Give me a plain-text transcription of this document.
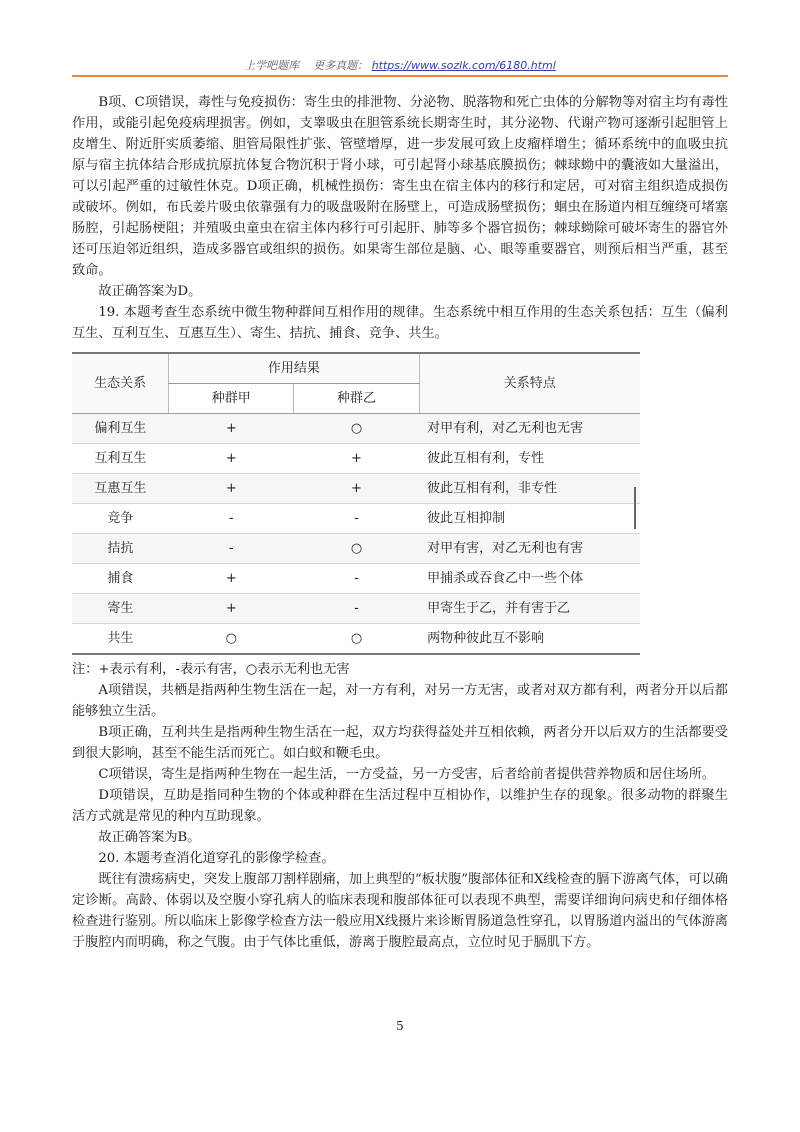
上学吧题库 更多真题： https://www.sozlk.com/6180.html

B项、C项错误，毒性与免疫损伤：寄生虫的排泄物、分泌物、脱落物和死亡虫体的分解物等对宿主均有毒性作用，或能引起免疫病理损害。例如，支睾吸虫在胆管系统长期寄生时，其分泌物、代谢产物可逐渐引起胆管上皮增生、附近肝实质萎缩、胆管局限性扩张、管壁增厚，进一步发展可致上皮瘤样增生；循环系统中的血吸虫抗原与宿主抗体结合形成抗原抗体复合物沉积于肾小球，可引起肾小球基底膜损伤；棘球蚴中的囊液如大量溢出，可以引起严重的过敏性休克。D项正确，机械性损伤：寄生虫在宿主体内的移行和定居，可对宿主组织造成损伤或破坏。例如，布氏姜片吸虫依靠强有力的吸盘吸附在肠壁上，可造成肠壁损伤；蛔虫在肠道内相互缠绕可堵塞肠腔，引起肠梗阻；并殖吸虫童虫在宿主体内移行可引起肝、肺等多个器官损伤；棘球蚴除可破坏寄生的器官外还可压迫邻近组织，造成多器官或组织的损伤。如果寄生部位是脑、心、眼等重要器官，则预后相当严重，甚至致命。

故正确答案为D。

19. 本题考查生态系统中微生物种群间互相作用的规律。生态系统中相互作用的生态关系包括：互生（偏利互生、互利互生、互惠互生）、寄生、拮抗、捕食、竞争、共生。

生态关系	作用结果		关系特点
	种群甲	种群乙	
偏利互生	+	○	对甲有利，对乙无利也无害
互利互生	+	+	彼此互相有利，专性
互惠互生	+	+	彼此互相有利，非专性
竞争	-	-	彼此互相抑制
拮抗	-	○	对甲有害，对乙无利也有害
捕食	+	-	甲捕杀或吞食乙中一些个体
寄生	+	-	甲寄生于乙，并有害于乙
共生	○	○	两物种彼此互不影响

注：+表示有利，-表示有害，○表示无利也无害

A项错误，共栖是指两种生物生活在一起，对一方有利，对另一方无害，或者对双方都有利，两者分开以后都能够独立生活。

B项正确，互利共生是指两种生物生活在一起，双方均获得益处并互相依赖，两者分开以后双方的生活都要受到很大影响，甚至不能生活而死亡。如白蚁和鞭毛虫。

C项错误，寄生是指两种生物在一起生活，一方受益，另一方受害，后者给前者提供营养物质和居住场所。

D项错误，互助是指同种生物的个体或种群在生活过程中互相协作，以维护生存的现象。很多动物的群聚生活方式就是常见的种内互助现象。

故正确答案为B。

20. 本题考查消化道穿孔的影像学检查。

既往有溃疡病史，突发上腹部刀割样剧痛，加上典型的“板状腹”腹部体征和X线检查的膈下游离气体，可以确定诊断。高龄、体弱以及空腹小穿孔病人的临床表现和腹部体征可以表现不典型，需要详细询问病史和仔细体格检查进行鉴别。所以临床上影像学检查方法一般应用X线摄片来诊断胃肠道急性穿孔，以胃肠道内溢出的气体游离于腹腔内而明确，称之气腹。由于气体比重低，游离于腹腔最高点，立位时见于膈肌下方。

5
